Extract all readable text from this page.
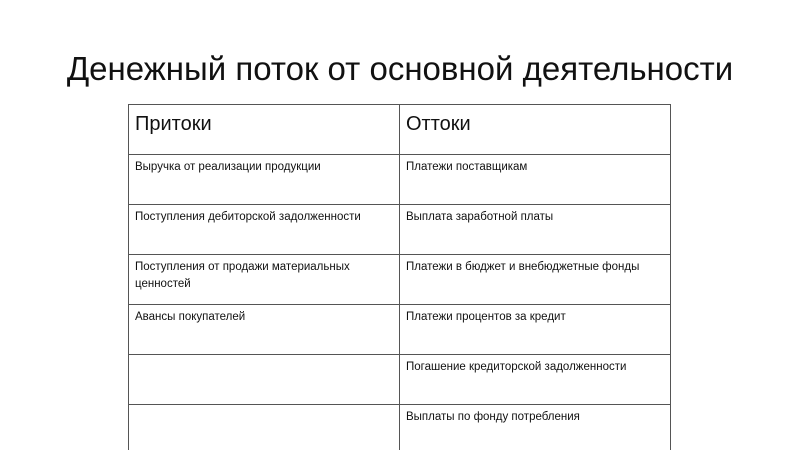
Денежный поток от основной деятельности
Притоки	Оттоки

Выручка от реализации продукции	Платежи поставщикам

Поступления дебиторской задолженности	Выплата заработной платы

Поступления от продажи материальных ценностей	Платежи в бюджет и внебюджетные фонды

Авансы покупателей	Платежи процентов за кредит

	Погашение кредиторской задолженности

	Выплаты по фонду потребления
